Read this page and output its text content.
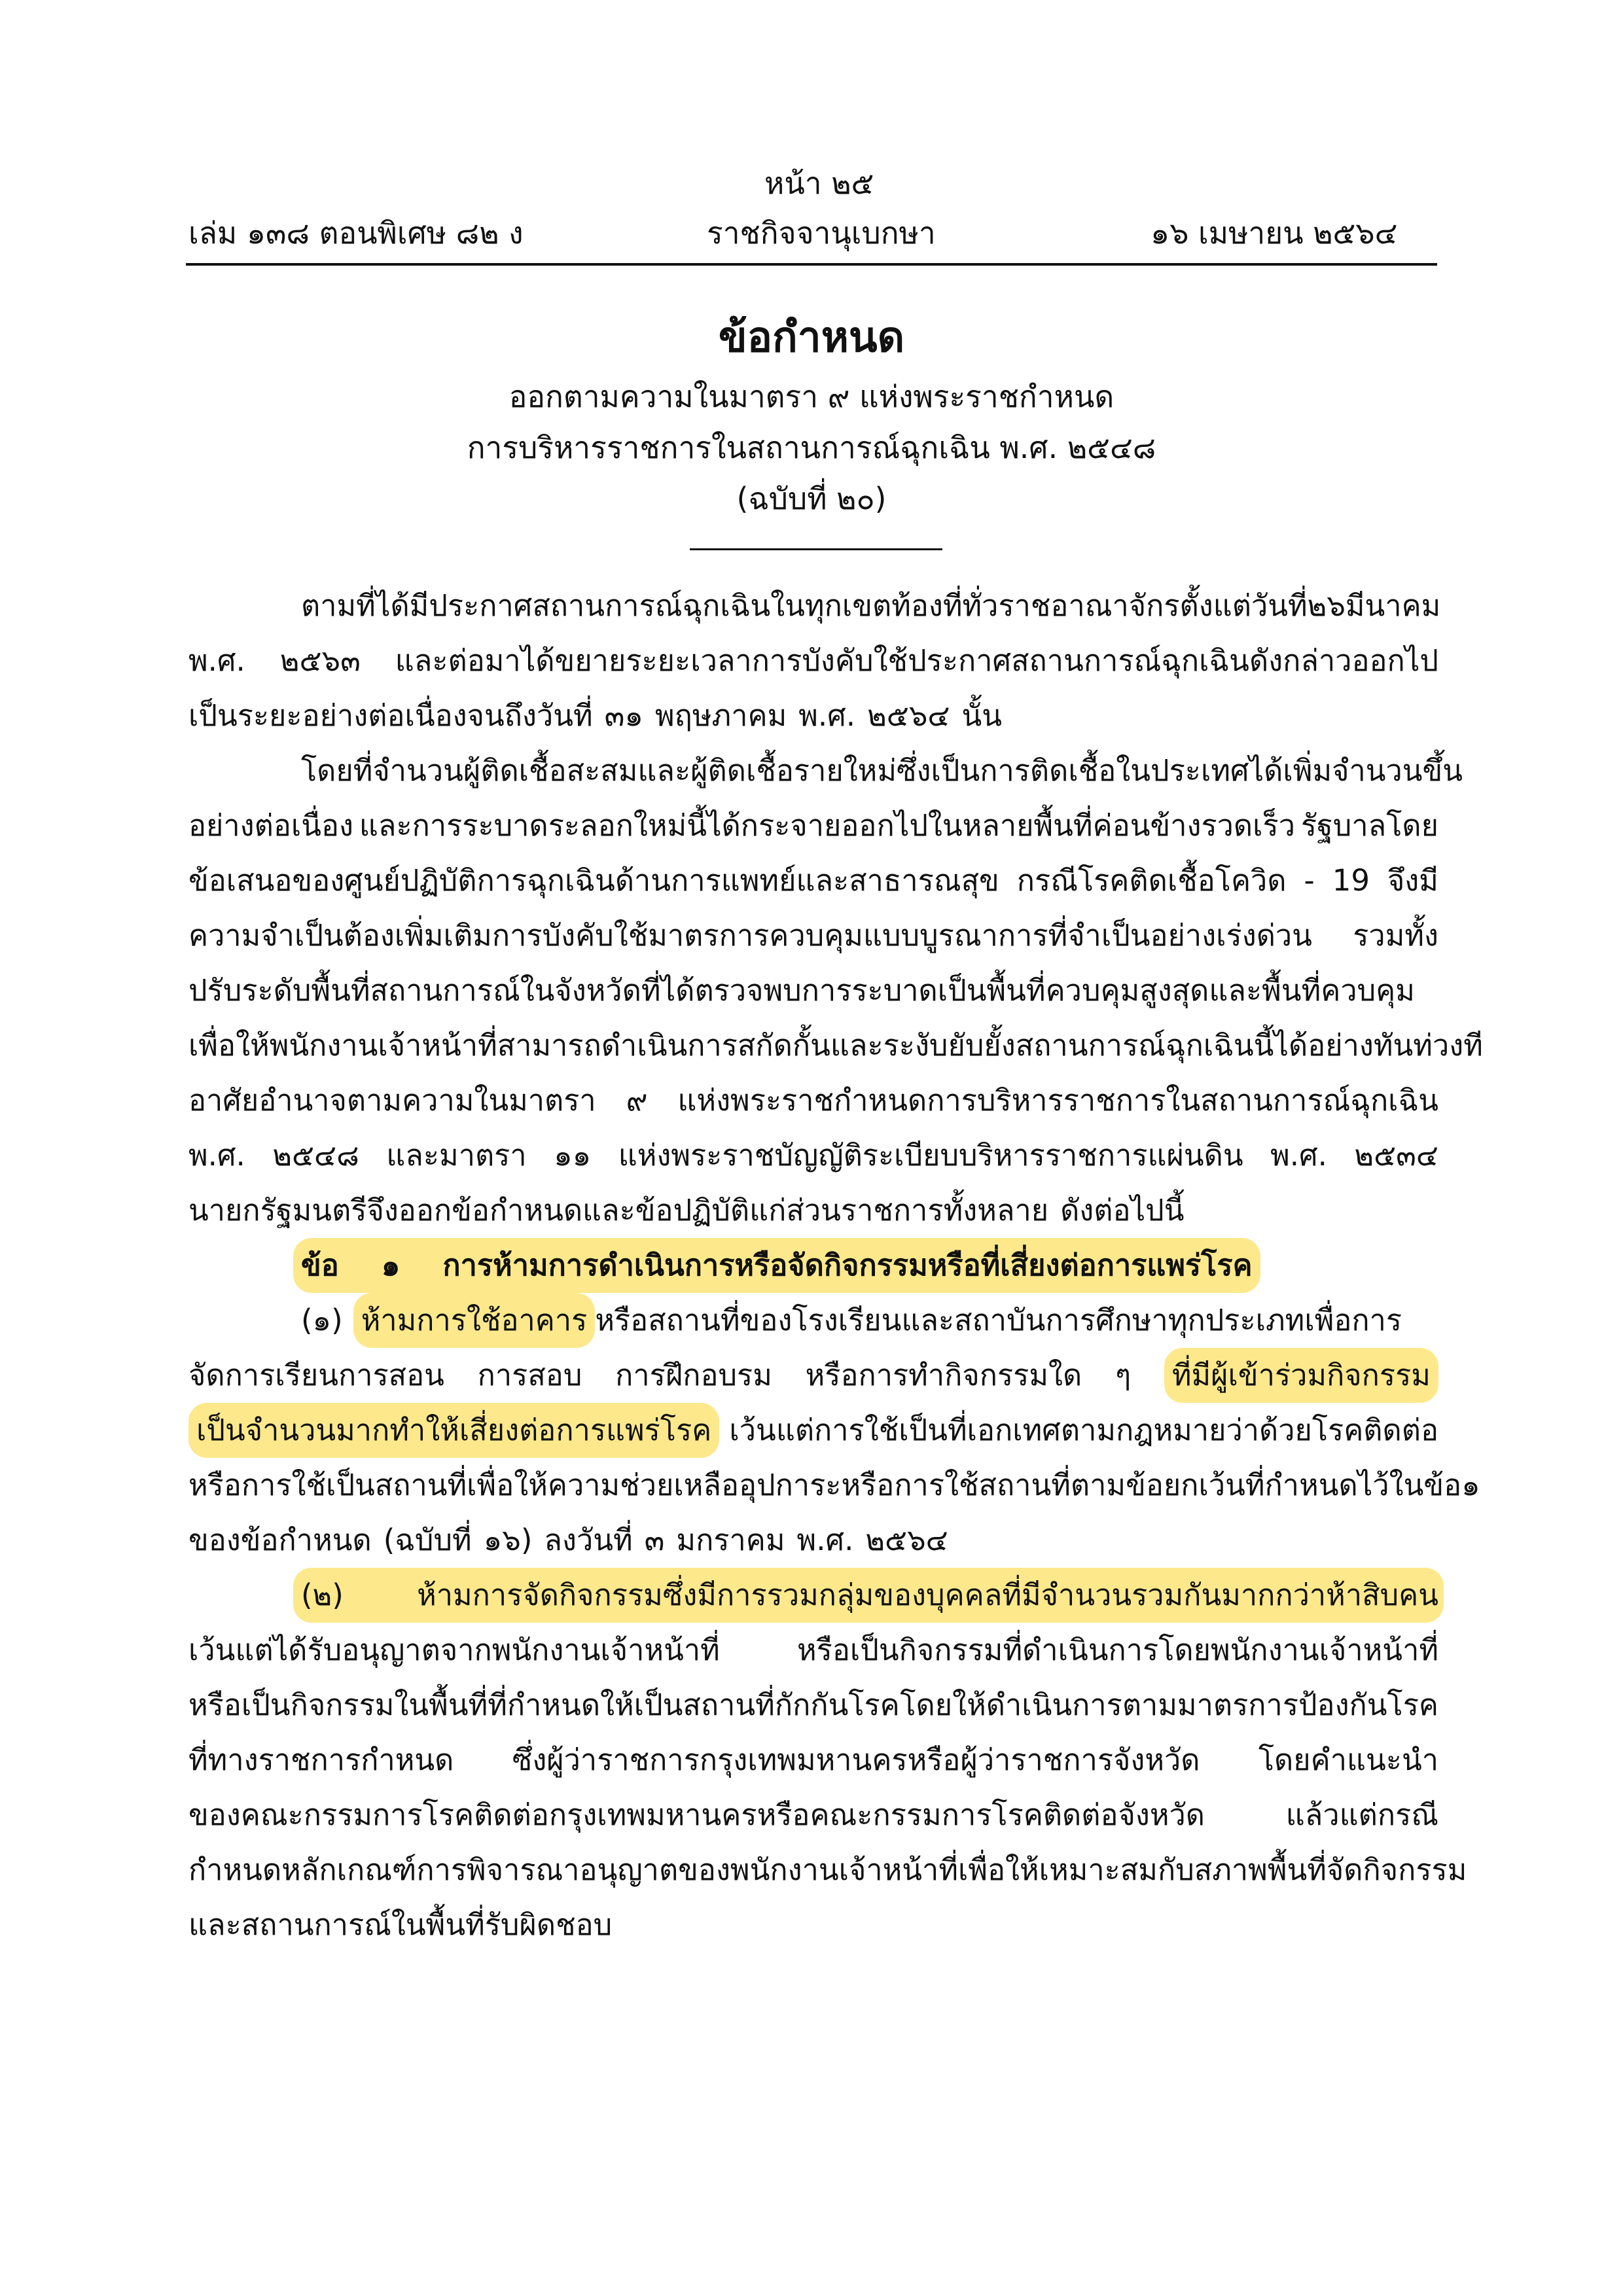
หน้า ๒๕
เล่ม ๑๓๘ ตอนพิเศษ ๘๒ ง	ราชกิจจานุเบกษา	๑๖ เมษายน ๒๕๖๔
ข้อกำหนด
ออกตามความในมาตรา ๙ แห่งพระราชกำหนด
การบริหารราชการในสถานการณ์ฉุกเฉิน พ.ศ. ๒๕๔๘
(ฉบับที่ ๒๐)
ตามที่ได้มีประกาศสถานการณ์ฉุกเฉินในทุกเขตท้องที่ทั่วราชอาณาจักรตั้งแต่วันที่ ๒๖ มีนาคม
พ.ศ. ๒๕๖๓ และต่อมาได้ขยายระยะเวลาการบังคับใช้ประกาศสถานการณ์ฉุกเฉินดังกล่าวออกไป
เป็นระยะอย่างต่อเนื่องจนถึงวันที่ ๓๑ พฤษภาคม พ.ศ. ๒๕๖๔ นั้น
โดยที่จำนวนผู้ติดเชื้อสะสมและผู้ติดเชื้อรายใหม่ซึ่งเป็นการติดเชื้อในประเทศได้เพิ่มจำนวนขึ้น
อย่างต่อเนื่อง และการระบาดระลอกใหม่นี้ได้กระจายออกไปในหลายพื้นที่ค่อนข้างรวดเร็ว รัฐบาลโดย
ข้อเสนอของศูนย์ปฏิบัติการฉุกเฉินด้านการแพทย์และสาธารณสุข กรณีโรคติดเชื้อโควิด - 19 จึงมี
ความจำเป็นต้องเพิ่มเติมการบังคับใช้มาตรการควบคุมแบบบูรณาการที่จำเป็นอย่างเร่งด่วน รวมทั้ง
ปรับระดับพื้นที่สถานการณ์ในจังหวัดที่ได้ตรวจพบการระบาดเป็นพื้นที่ควบคุมสูงสุดและพื้นที่ควบคุม
เพื่อให้พนักงานเจ้าหน้าที่สามารถดำเนินการสกัดกั้นและระงับยับยั้งสถานการณ์ฉุกเฉินนี้ได้อย่างทันท่วงที
อาศัยอำนาจตามความในมาตรา ๙ แห่งพระราชกำหนดการบริหารราชการในสถานการณ์ฉุกเฉิน
พ.ศ. ๒๕๔๘ และมาตรา ๑๑ แห่งพระราชบัญญัติระเบียบบริหารราชการแผ่นดิน พ.ศ. ๒๕๓๔
นายกรัฐมนตรีจึงออกข้อกำหนดและข้อปฏิบัติแก่ส่วนราชการทั้งหลาย ดังต่อไปนี้
ข้อ ๑ การห้ามการดำเนินการหรือจัดกิจกรรมหรือที่เสี่ยงต่อการแพร่โรค
(๑) ห้ามการใช้อาคาร หรือสถานที่ของโรงเรียนและสถาบันการศึกษาทุกประเภทเพื่อการ
จัดการเรียนการสอน การสอบ การฝึกอบรม หรือการทำกิจกรรมใด ๆ ที่มีผู้เข้าร่วมกิจกรรม
เป็นจำนวนมากทำให้เสี่ยงต่อการแพร่โรค เว้นแต่การใช้เป็นที่เอกเทศตามกฎหมายว่าด้วยโรคติดต่อ
หรือการใช้เป็นสถานที่เพื่อให้ความช่วยเหลืออุปการะ หรือการใช้สถานที่ตามข้อยกเว้นที่กำหนดไว้ในข้อ ๑
ของข้อกำหนด (ฉบับที่ ๑๖) ลงวันที่ ๓ มกราคม พ.ศ. ๒๕๖๔
(๒) ห้ามการจัดกิจกรรมซึ่งมีการรวมกลุ่มของบุคคลที่มีจำนวนรวมกันมากกว่าห้าสิบคน
เว้นแต่ได้รับอนุญาตจากพนักงานเจ้าหน้าที่	หรือเป็นกิจกรรมที่ดำเนินการโดยพนักงานเจ้าหน้าที่
หรือเป็นกิจกรรมในพื้นที่ที่กำหนดให้เป็นสถานที่กักกันโรค โดยให้ดำเนินการตามมาตรการป้องกันโรค
ที่ทางราชการกำหนด ซึ่งผู้ว่าราชการกรุงเทพมหานครหรือผู้ว่าราชการจังหวัด โดยคำแนะนำ
ของคณะกรรมการโรคติดต่อกรุงเทพมหานครหรือคณะกรรมการโรคติดต่อจังหวัด	แล้วแต่กรณี
กำหนดหลักเกณฑ์การพิจารณาอนุญาตของพนักงานเจ้าหน้าที่เพื่อให้เหมาะสมกับสภาพพื้นที่จัดกิจกรรม
และสถานการณ์ในพื้นที่รับผิดชอบ
